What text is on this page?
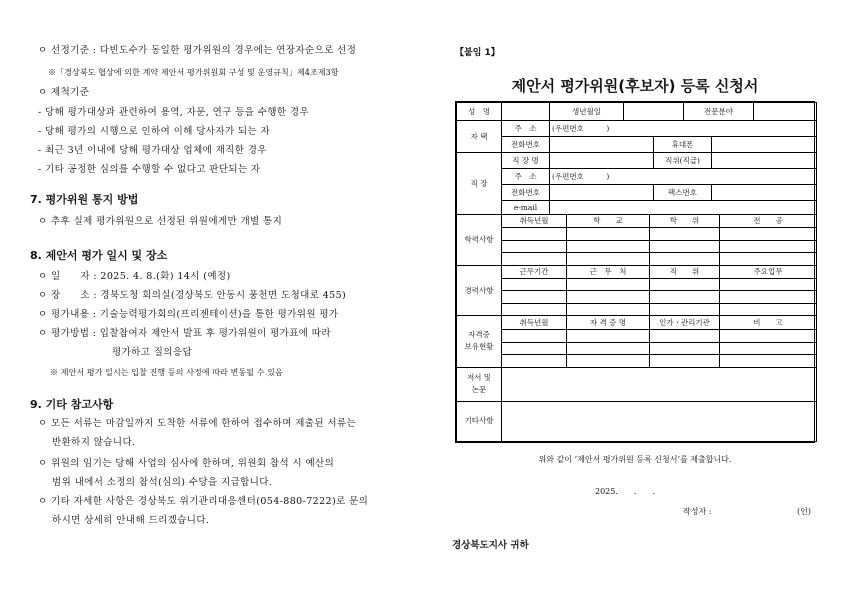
ㅇ 선정기준 : 다빈도수가 동일한 평가위원의 경우에는 연장자순으로 선정
※「경상북도 협상에 의한 계약 제안서 평가위원회 구성 및 운영규칙」제4조제3항
ㅇ 제척기준
- 당해 평가대상과 관련하여 용역, 자문, 연구 등을 수행한 경우
- 당해 평가의 시행으로 인하여 이해 당사자가 되는 자
- 최근 3년 이내에 당해 평가대상 업체에 재직한 경우
- 기타 공정한 심의를 수행할 수 없다고 판단되는 자
7. 평가위원 통지 방법
ㅇ 추후 실제 평가위원으로 선정된 위원에게만 개별 통지
8. 제안서 평가 일시 및 장소
ㅇ 일　　자 : 2025. 4. 8.(화) 14시 (예정)
ㅇ 장　　소 : 경북도청 회의실(경상북도 안동시 풍천면 도청대로 455)
ㅇ 평가내용 : 기술능력평가회의(프리젠테이션)을 통한 평가위원 평가
ㅇ 평가방법 : 입찰참여자 제안서 발표 후 평가위원이 평가표에 따라
평가하고 질의응답
※ 제안서 평가 일시는 입찰 진행 등의 사정에 따라 변동될 수 있음
9. 기타 참고사항
ㅇ 모든 서류는 마감일까지 도착한 서류에 한하여 접수하며 제출된 서류는
반환하지 않습니다.
ㅇ 위원의 임기는 당해 사업의 심사에 한하며, 위원회 참석 시 예산의
범위 내에서 소정의 참석(심의) 수당을 지급합니다.
ㅇ 기타 자세한 사항은 경상북도 위기관리대응센터(054-880-7222)로 문의
하시면 상세히 안내해 드리겠습니다.
【붙임 1】
제안서 평가위원(후보자) 등록 신청서
성　명		생년월일		전문분야	
자 택	주　소	(우편번호　　　)		
	전화번호		휴대폰	
직 장	직 장 명		직위(직급)	
	주　소	(우편번호　　　)		
	전화번호		팩스번호	
	e-mail			
학력사항	취득년월	학　　교	학　　위	전　　공

경력사항	근무기간	근　무　처	직　　위	주요업무

자격증
보유현황	취득년월	자 격 증 명	인가ㆍ관리기관	비　　고

저서 및
논문	
기타사항	
위와 같이 ‘제안서 평가위원 등록 신청서’를 제출합니다.
2025.　　.　　.
작성자 :	(인)
경상북도지사 귀하
